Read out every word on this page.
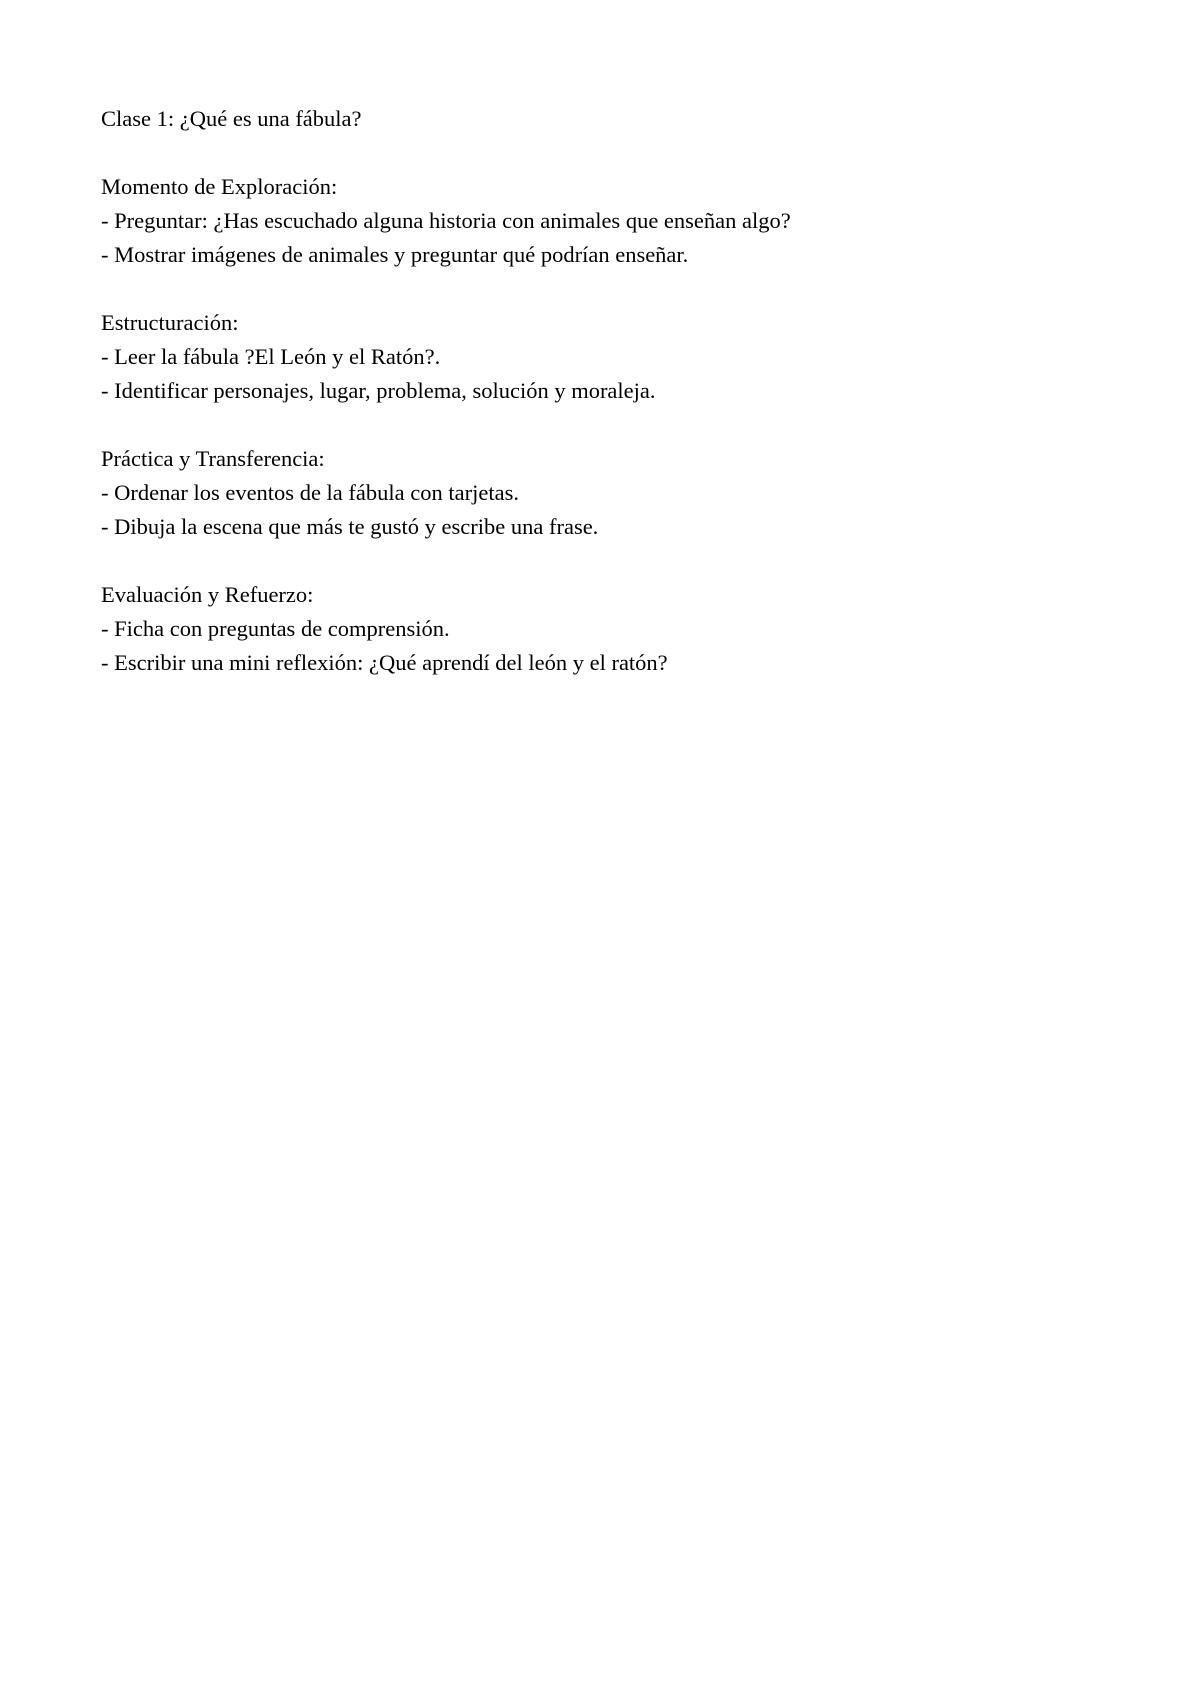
Clase 1: ¿Qué es una fábula?

Momento de Exploración:

- Preguntar: ¿Has escuchado alguna historia con animales que enseñan algo?

- Mostrar imágenes de animales y preguntar qué podrían enseñar.

Estructuración:

- Leer la fábula ?El León y el Ratón?.

- Identificar personajes, lugar, problema, solución y moraleja.

Práctica y Transferencia:

- Ordenar los eventos de la fábula con tarjetas.

- Dibuja la escena que más te gustó y escribe una frase.

Evaluación y Refuerzo:

- Ficha con preguntas de comprensión.

- Escribir una mini reflexión: ¿Qué aprendí del león y el ratón?
